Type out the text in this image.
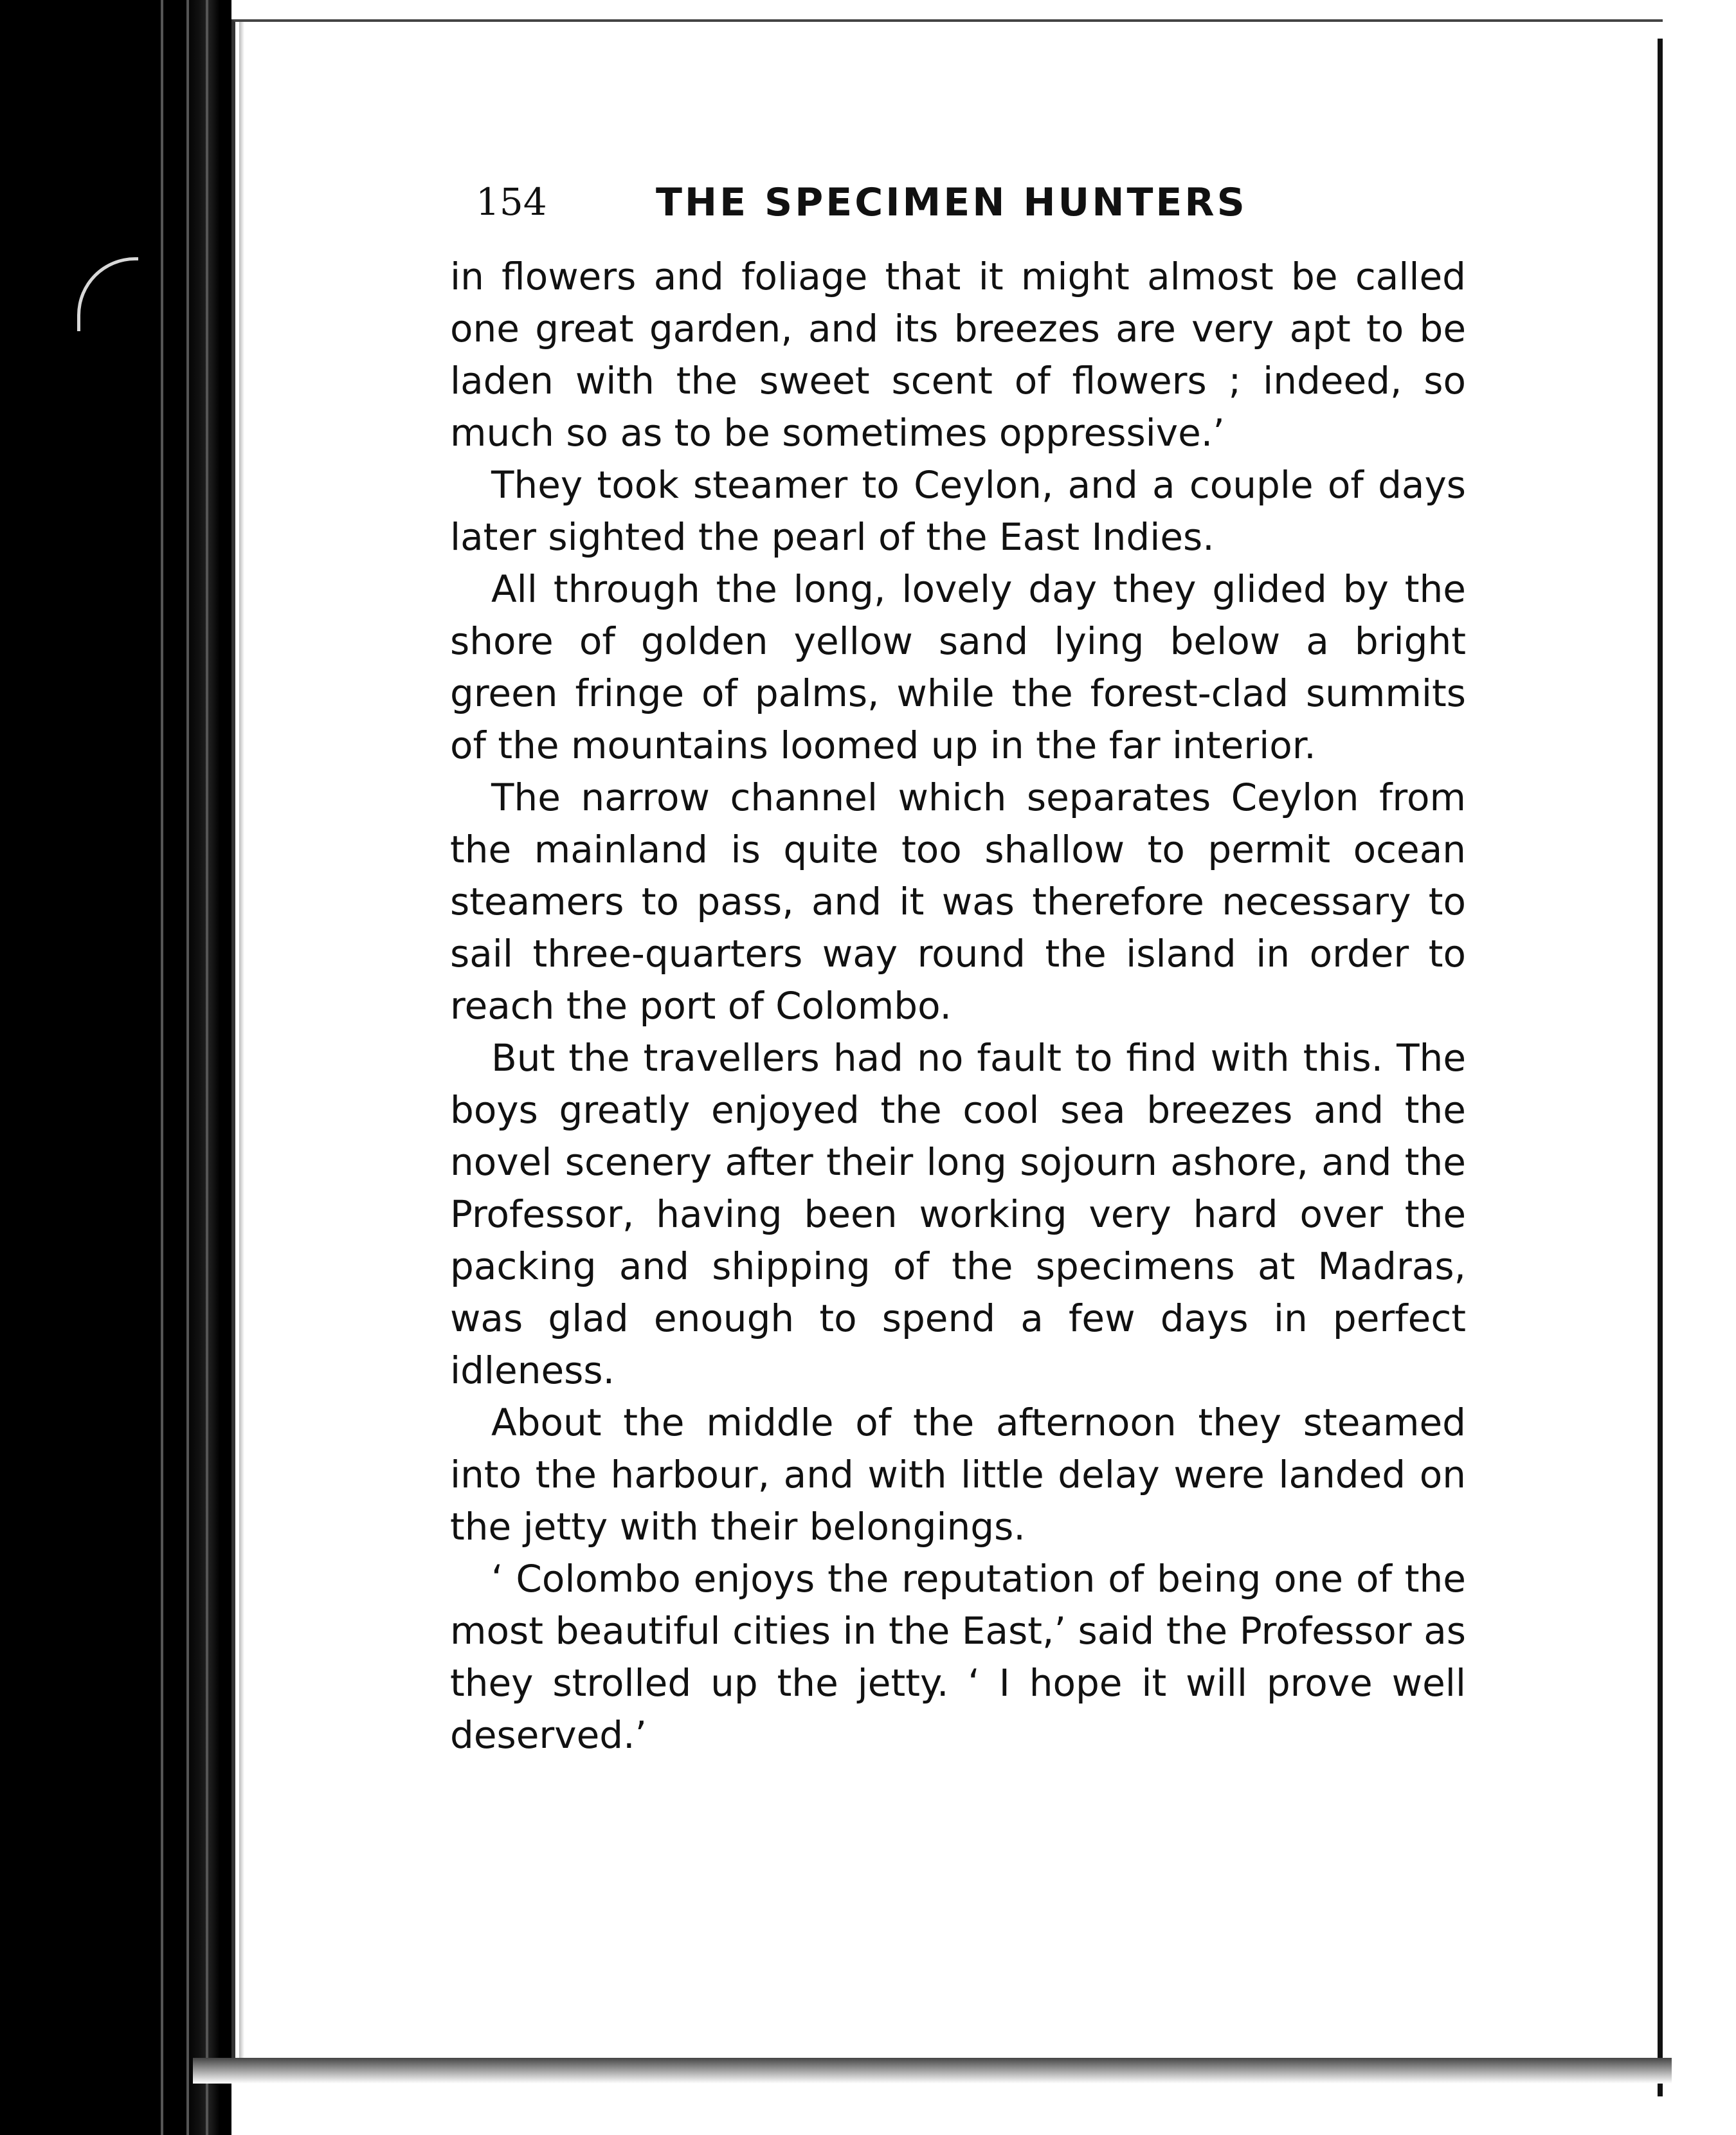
154	THE SPECIMEN HUNTERS

in flowers and foliage that it might almost be called one great garden, and its breezes are very apt to be laden with the sweet scent of flowers ; indeed, so much so as to be sometimes oppressive.’

They took steamer to Ceylon, and a couple of days later sighted the pearl of the East Indies.

All through the long, lovely day they glided by the shore of golden yellow sand lying below a bright green fringe of palms, while the forest-clad summits of the mountains loomed up in the far interior.

The narrow channel which separates Ceylon from the mainland is quite too shallow to permit ocean steamers to pass, and it was therefore necessary to sail three-quarters way round the island in order to reach the port of Colombo.

But the travellers had no fault to find with this. The boys greatly enjoyed the cool sea breezes and the novel scenery after their long sojourn ashore, and the Professor, having been working very hard over the packing and shipping of the specimens at Madras, was glad enough to spend a few days in perfect idleness.

About the middle of the afternoon they steamed into the harbour, and with little delay were landed on the jetty with their belongings.

‘ Colombo enjoys the reputation of being one of the most beautiful cities in the East,’ said the Professor as they strolled up the jetty. ‘ I hope it will prove well deserved.’
